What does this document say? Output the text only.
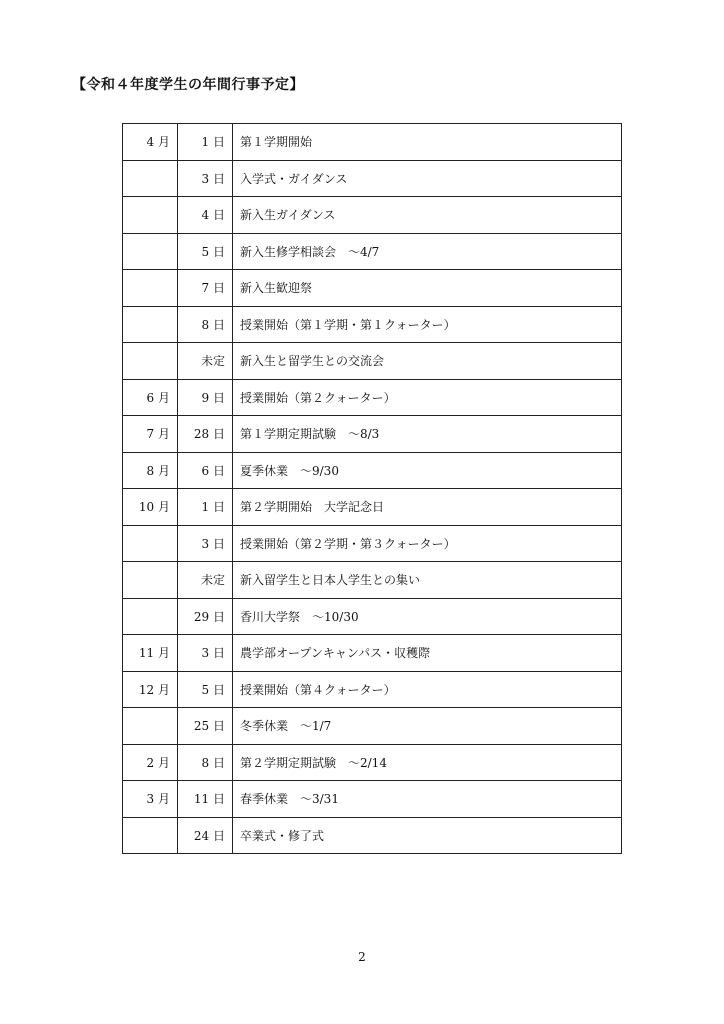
【令和４年度学生の年間行事予定】
4 月	1 日	第１学期開始
	3 日	入学式・ガイダンス
	4 日	新入生ガイダンス
	5 日	新入生修学相談会　～4/7
	7 日	新入生歓迎祭
	8 日	授業開始（第１学期・第１クォーター）
	未定	新入生と留学生との交流会
6 月	9 日	授業開始（第２クォーター）
7 月	28 日	第１学期定期試験　～8/3
8 月	6 日	夏季休業　～9/30
10 月	1 日	第２学期開始　大学記念日
	3 日	授業開始（第２学期・第３クォーター）
	未定	新入留学生と日本人学生との集い
	29 日	香川大学祭　～10/30
11 月	3 日	農学部オープンキャンパス・収穫際
12 月	5 日	授業開始（第４クォーター）
	25 日	冬季休業　～1/7
2 月	8 日	第２学期定期試験　～2/14
3 月	11 日	春季休業　～3/31
	24 日	卒業式・修了式
2
